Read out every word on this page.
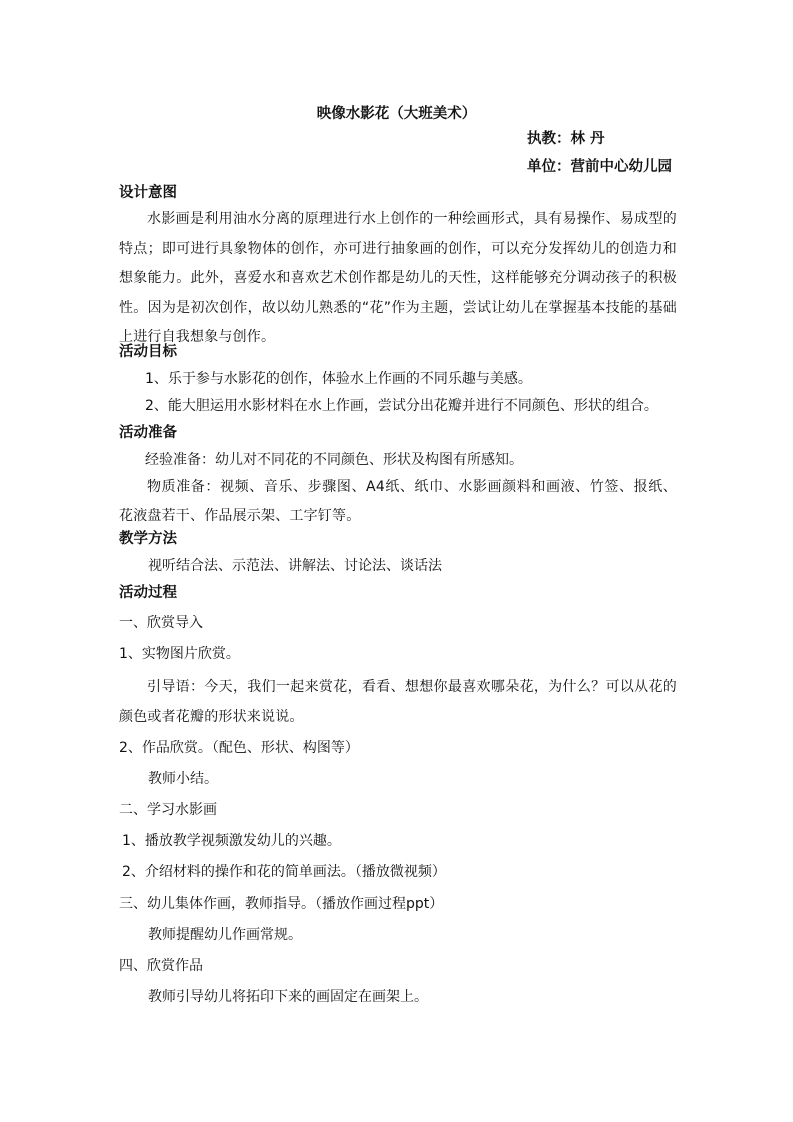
映像水影花（大班美术）
执教：林 丹
单位：营前中心幼儿园
设计意图
水影画是利用油水分离的原理进行水上创作的一种绘画形式，具有易操作、易成型的特点；即可进行具象物体的创作，亦可进行抽象画的创作，可以充分发挥幼儿的创造力和想象能力。此外，喜爱水和喜欢艺术创作都是幼儿的天性，这样能够充分调动孩子的积极性。因为是初次创作，故以幼儿熟悉的“花”作为主题，尝试让幼儿在掌握基本技能的基础上进行自我想象与创作。
活动目标
1、乐于参与水影花的创作，体验水上作画的不同乐趣与美感。
2、能大胆运用水影材料在水上作画，尝试分出花瓣并进行不同颜色、形状的组合。
活动准备
经验准备：幼儿对不同花的不同颜色、形状及构图有所感知。
物质准备：视频、音乐、步骤图、A4纸、纸巾、水影画颜料和画液、竹签、报纸、花液盘若干、作品展示架、工字钉等。
教学方法
视听结合法、示范法、讲解法、讨论法、谈话法
活动过程
一、欣赏导入
1、实物图片欣赏。
引导语：今天，我们一起来赏花，看看、想想你最喜欢哪朵花，为什么？可以从花的颜色或者花瓣的形状来说说。
2、作品欣赏。（配色、形状、构图等）
教师小结。
二、学习水影画
1、播放教学视频激发幼儿的兴趣。
2、介绍材料的操作和花的简单画法。（播放微视频）
三、幼儿集体作画，教师指导。（播放作画过程ppt）
教师提醒幼儿作画常规。
四、欣赏作品
教师引导幼儿将拓印下来的画固定在画架上。
